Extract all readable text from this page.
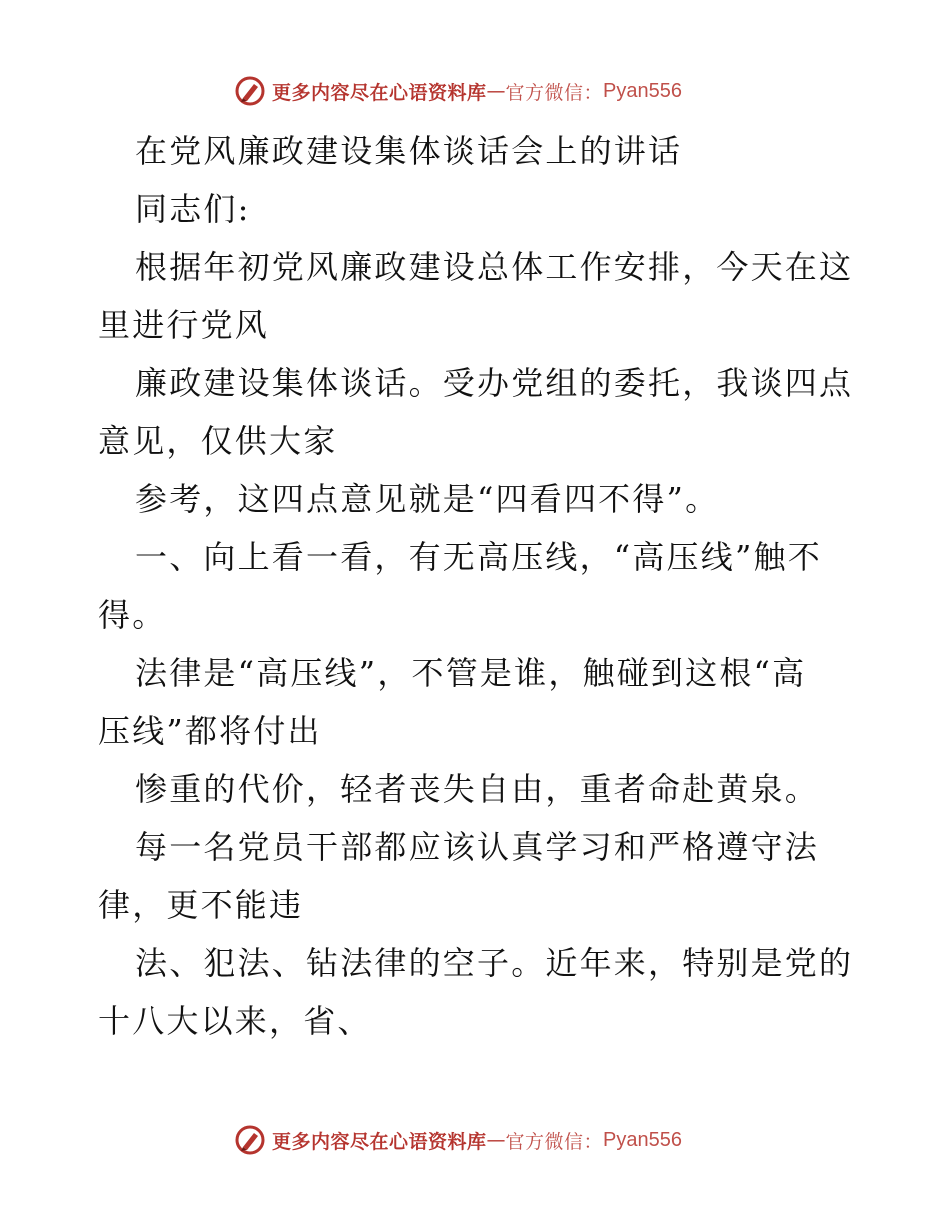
更多内容尽在心语资料库 — 官方微信： Pyan556

在党风廉政建设集体谈话会上的讲话

同志们:

根据年初党风廉政建设总体工作安排，今天在这
里进行党风

廉政建设集体谈话。受办党组的委托，我谈四点
意见，仅供大家

参考，这四点意见就是“四看四不得”。

一、向上看一看，有无高压线，“高压线”触不
得。

法律是“高压线”，不管是谁，触碰到这根“高
压线”都将付出

惨重的代价，轻者丧失自由，重者命赴黄泉。

每一名党员干部都应该认真学习和严格遵守法
律，更不能违

法、犯法、钻法律的空子。近年来，特别是党的
十八大以来，省、

更多内容尽在心语资料库 — 官方微信： Pyan556
